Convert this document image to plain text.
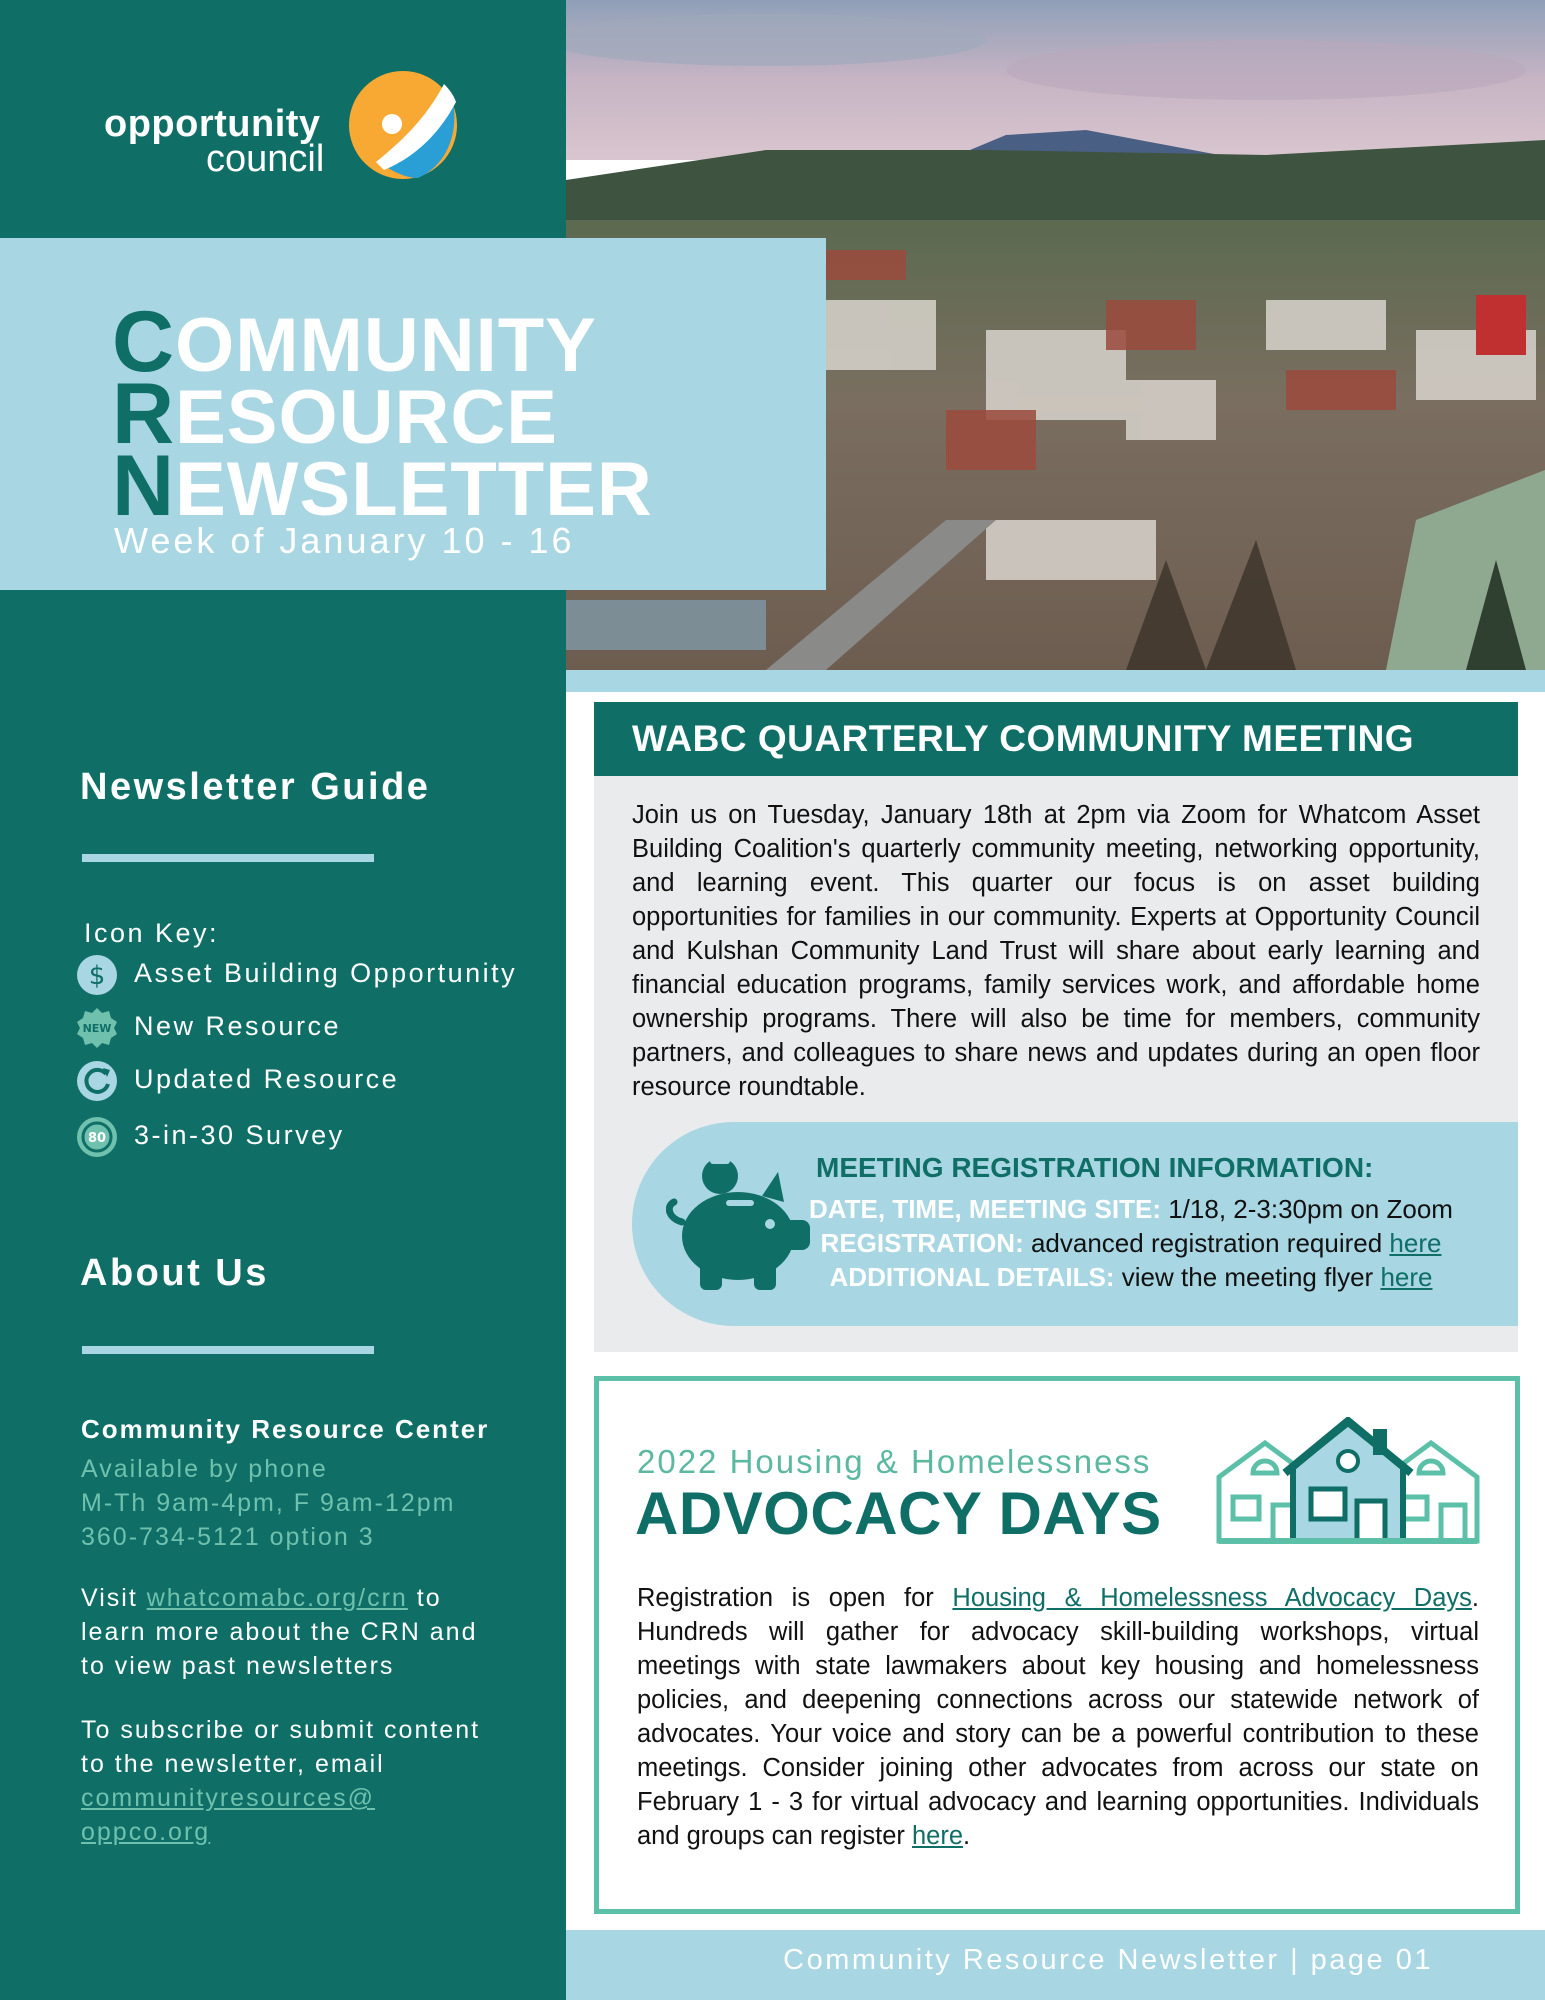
opportunity
council
COMMUNITY
RESOURCE
NEWSLETTER
Week of January 10 - 16
Newsletter Guide
Icon Key:
$ Asset Building Opportunity
NEW New Resource
Updated Resource
80 3-in-30 Survey
About Us
Community Resource Center
Available by phone
M-Th 9am-4pm, F 9am-12pm
360-734-5121 option 3
Visit whatcomabc.org/crn to learn more about the CRN and to view past newsletters
To subscribe or submit content to the newsletter, email communityresources@ oppco.org
WABC QUARTERLY COMMUNITY MEETING
Join us on Tuesday, January 18th at 2pm via Zoom for Whatcom Asset Building Coalition's quarterly community meeting, networking opportunity, and learning event. This quarter our focus is on asset building opportunities for families in our community. Experts at Opportunity Council and Kulshan Community Land Trust will share about early learning and financial education programs, family services work, and affordable home ownership programs. There will also be time for members, community partners, and colleagues to share news and updates during an open floor resource roundtable.
MEETING REGISTRATION INFORMATION:
DATE, TIME, MEETING SITE: 1/18, 2-3:30pm on Zoom
REGISTRATION: advanced registration required here
ADDITIONAL DETAILS: view the meeting flyer here
2022 Housing & Homelessness
ADVOCACY DAYS
Registration is open for Housing & Homelessness Advocacy Days. Hundreds will gather for advocacy skill-building workshops, virtual meetings with state lawmakers about key housing and homelessness policies, and deepening connections across our statewide network of advocates. Your voice and story can be a powerful contribution to these meetings. Consider joining other advocates from across our state on February 1 - 3 for virtual advocacy and learning opportunities. Individuals and groups can register here.
Community Resource Newsletter | page 01
